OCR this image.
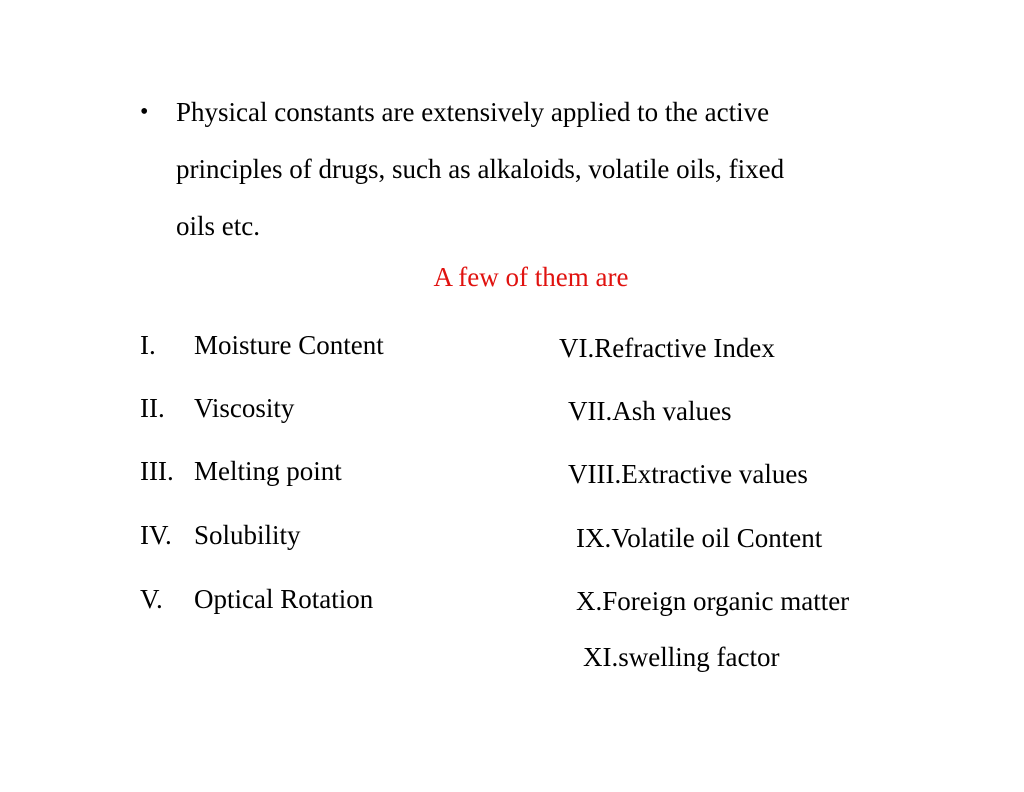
• Physical constants are extensively applied to the active
principles of drugs, such as alkaloids, volatile oils, fixed
oils etc.
A few of them are
I. Moisture Content
II. Viscosity
III. Melting point
IV. Solubility
V. Optical Rotation
VI.Refractive Index
VII.Ash values
VIII.Extractive values
IX.Volatile oil Content
X.Foreign organic matter
XI.swelling factor
